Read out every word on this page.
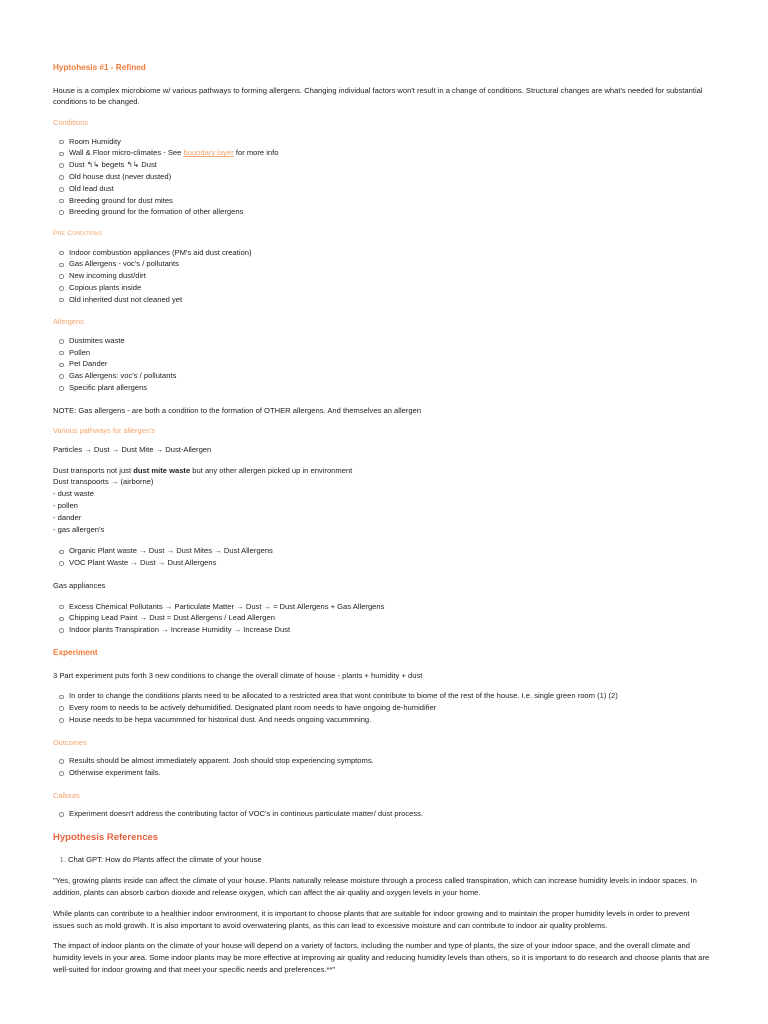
Hyptohesis #1 - Refined

House is a complex microbiome w/ various pathways to forming allergens. Changing individual factors won't result in a change of conditions. Structural changes are what's needed for substantial conditions to be changed.

Conditions
Room Humidity
Wall & Floor micro-climates - See boundary layer for more info
Dust ↰↳ begets ↰↳ Dust
Old house dust (never dusted)
Old lead dust
Breeding ground for dust mites
Breeding ground for the formation of other allergens
Pre Conditions
Indoor combustion appliances (PM's aid dust creation)
Gas Allergens - voc's / pollutants
New incoming dust/dirt
Copious plants inside
Old inherited dust not cleaned yet
Allergens
Dustmites waste
Pollen
Pet Dander
Gas Allergens: voc's / pollutants
Specific plant allergens

NOTE: Gas allergens - are both a condition to the formation of OTHER allergens. And themselves an allergen

Various pathways for allergen's

Particles → Dust → Dust Mite → Dust-Allergen

Dust transports not just dust mite waste but any other allergen picked up in environment

Dust transpoorts → (airborne)

- dust waste

- pollen

- dander

- gas allergen's

Organic Plant waste → Dust → Dust Mites → Dust Allergens
VOC Plant Waste → Dust → Dust Allergens

Gas appliances

Excess Chemical Pollutants → Particulate Matter → Dust → ≈ Dust Allergens + Gas Allergens
Chipping Lead Paint → Dust ≈ Dust Allergens / Lead Allergen
Indoor plants Transpiration → Increase Humidity → Increase Dust
Experiment

3 Part experiment puts forth 3 new conditions to change the overall climate of house - plants + humidity + dust

In order to change the conditions plants need to be allocated to a restricted area that wont contribute to biome of the rest of the house. I.e. single green room (1) (2)
Every room to needs to be actively dehumidified. Designated plant room needs to have ongoing de-humidifier
House needs to be hepa vacummned for historical dust. And needs ongoing vacummning.
Outcomes
Results should be almost immediately apparent. Josh should stop experiencing symptoms.
Otherwise experiment fails.
Callouts
Experiment doesn't address the contributing factor of VOC's in continous particulate matter/ dust process.
Hypothesis References
1. Chat GPT: How do Plants affect the climate of your house

"Yes, growing plants inside can affect the climate of your house. Plants naturally release moisture through a process called transpiration, which can increase humidity levels in indoor spaces. In addition, plants can absorb carbon dioxide and release oxygen, which can affect the air quality and oxygen levels in your home.

While plants can contribute to a healthier indoor environment, it is important to choose plants that are suitable for indoor growing and to maintain the proper humidity levels in order to prevent issues such as mold growth. It is also important to avoid overwatering plants, as this can lead to excessive moisture and can contribute to indoor air quality problems.

The impact of indoor plants on the climate of your house will depend on a variety of factors, including the number and type of plants, the size of your indoor space, and the overall climate and humidity levels in your area. Some indoor plants may be more effective at improving air quality and reducing humidity levels than others, so it is important to do research and choose plants that are well-suited for indoor growing and that meet your specific needs and preferences.**"
